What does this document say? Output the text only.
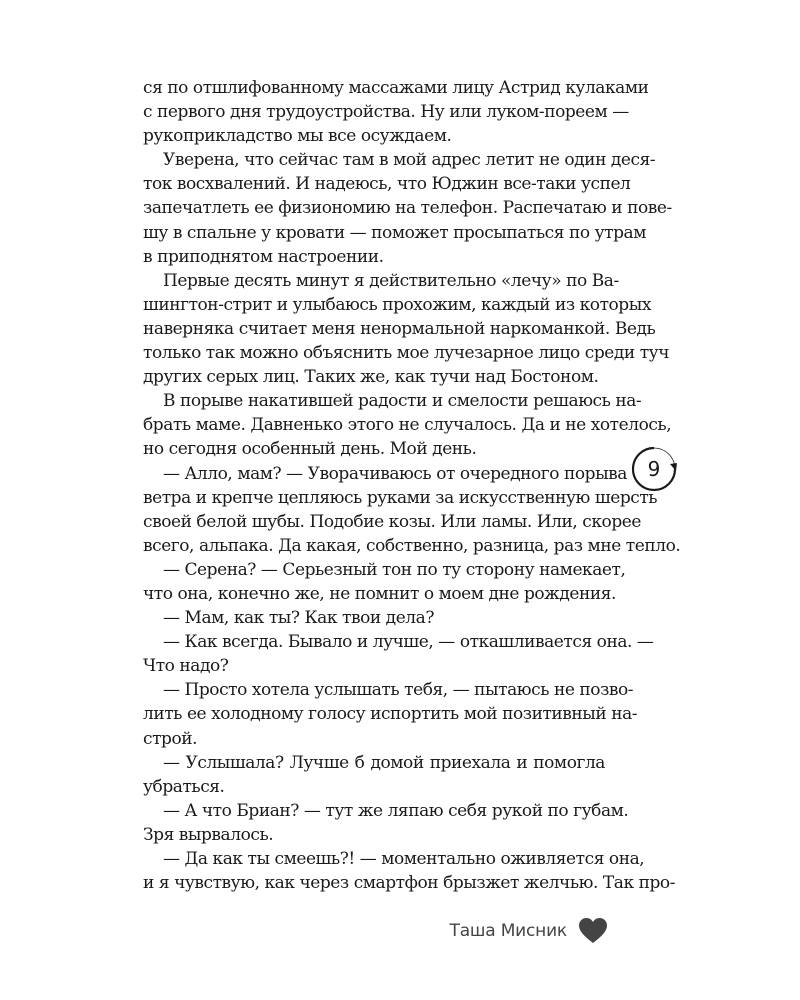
ся по отшлифованному массажами лицу Астрид кулаками
с первого дня трудоустройства. Ну или луком-пореем —
рукоприкладство мы все осуждаем.
Уверена, что сейчас там в мой адрес летит не один деся-
ток восхвалений. И надеюсь, что Юджин все-таки успел
запечатлеть ее физиономию на телефон. Распечатаю и пове-
шу в спальне у кровати — поможет просыпаться по утрам
в приподнятом настроении.
Первые десять минут я действительно «лечу» по Ва-
шингтон-стрит и улыбаюсь прохожим, каждый из которых
наверняка считает меня ненормальной наркоманкой. Ведь
только так можно объяснить мое лучезарное лицо среди туч
других серых лиц. Таких же, как тучи над Бостоном.
В порыве накатившей радости и смелости решаюсь на-
брать маме. Давненько этого не случалось. Да и не хотелось,
но сегодня особенный день. Мой день.
— Алло, мам? — Уворачиваюсь от очередного порыва
ветра и крепче цепляюсь руками за искусственную шерсть
своей белой шубы. Подобие козы. Или ламы. Или, скорее
всего, альпака. Да какая, собственно, разница, раз мне тепло.
— Серена? — Серьезный тон по ту сторону намекает,
что она, конечно же, не помнит о моем дне рождения.
— Мам, как ты? Как твои дела?
— Как всегда. Бывало и лучше, — откашливается она. —
Что надо?
— Просто хотела услышать тебя, — пытаюсь не позво-
лить ее холодному голосу испортить мой позитивный на-
строй.
— Услышала? Лучше б домой приехала и помогла
убраться.
— А что Бриан? — тут же ляпаю себя рукой по губам.
Зря вырвалось.
— Да как ты смеешь?! — моментально оживляется она,
и я чувствую, как через смартфон брызжет желчью. Так про-
9
Таша Мисник
